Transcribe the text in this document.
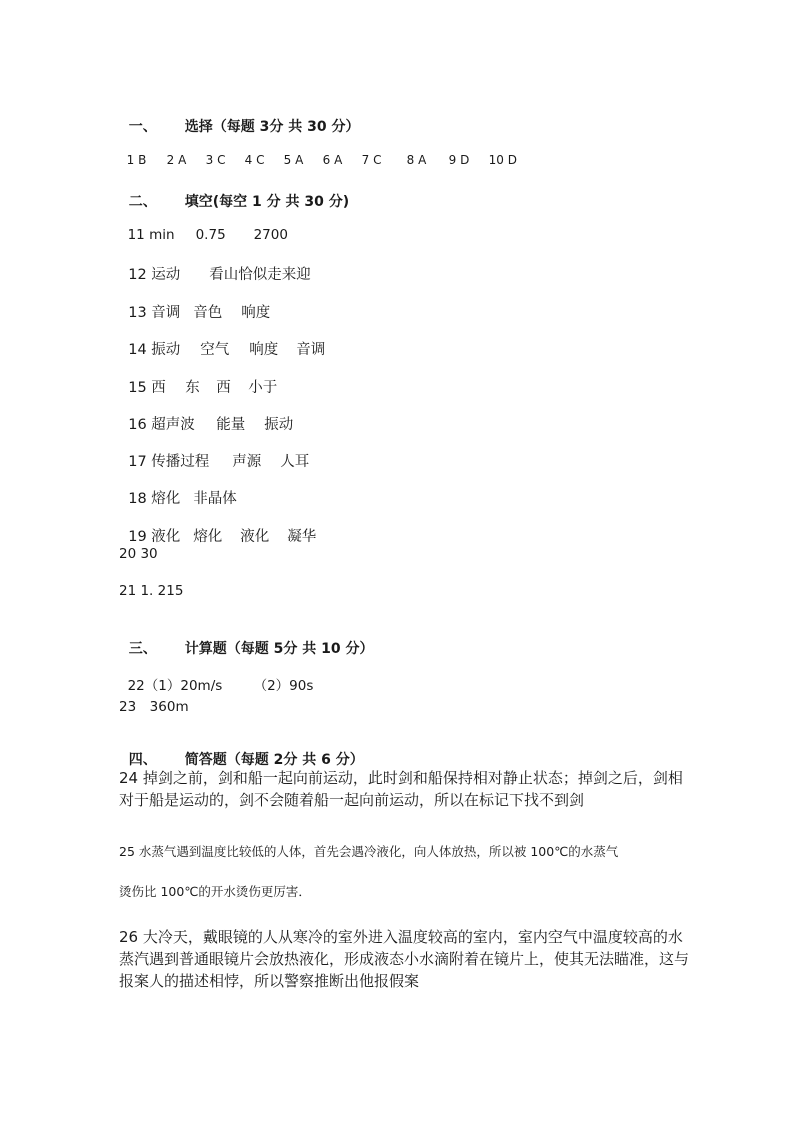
一、 选择（每题 3分 共 30 分）

1 B 2 A 3 C 4 C 5 A 6 A 7 C 8 A 9 D 10 D

二、 填空(每空 1 分 共 30 分)

11 min 0.75 2700

12 运动 看山恰似走来迎

13 音调 音色 响度

14 振动 空气 响度 音调

15 西 东 西 小于

16 超声波 能量 振动

17 传播过程 声源 人耳

18 熔化 非晶体

19 液化 熔化 液化 凝华

20 30
21 1. 215

三、 计算题（每题 5分 共 10 分）

22（1）20m/s （2）90s

23　360m

四、 简答题（每题 2分 共 6 分）

24 掉剑之前，剑和船一起向前运动，此时剑和船保持相对静止状态；掉剑之后，剑相对于船是运动的，剑不会随着船一起向前运动，所以在标记下找不到剑
25 水蒸气遇到温度比较低的人体，首先会遇冷液化，向人体放热，所以被 100℃的水蒸气
烫伤比 100℃的开水烫伤更厉害．
26 大冷天，戴眼镜的人从寒冷的室外进入温度较高的室内，室内空气中温度较高的水蒸汽遇到普通眼镜片会放热液化，形成液态小水滴附着在镜片上，使其无法瞄准，这与报案人的描述相悖，所以警察推断出他报假案
